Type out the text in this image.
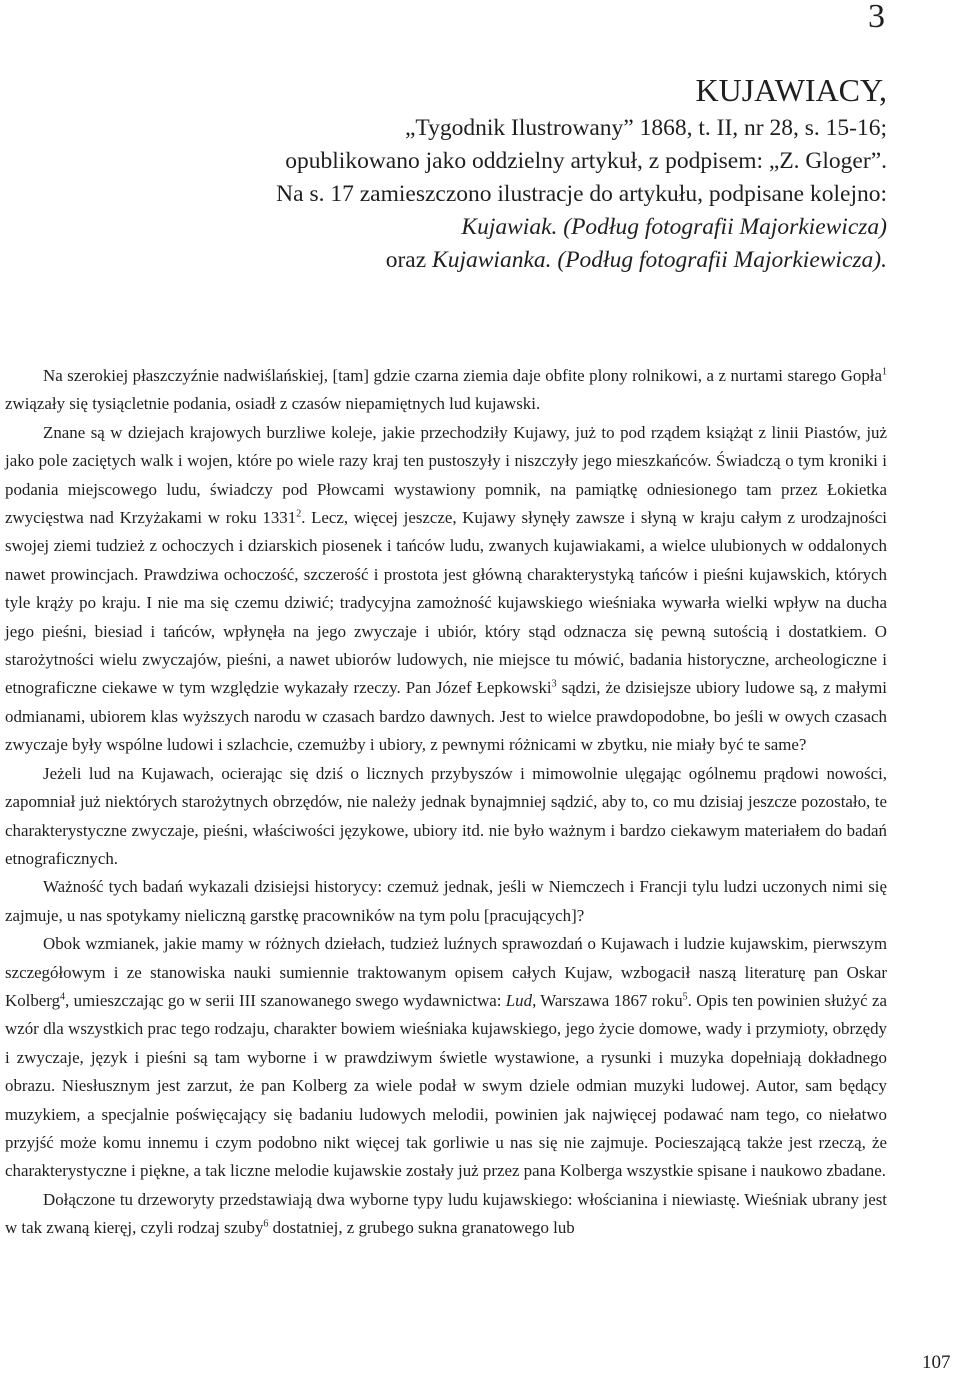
3
KUJAWIACY,

„Tygodnik Ilustrowany” 1868, t. II, nr 28, s. 15-16;

opublikowano jako oddzielny artykuł, z podpisem: „Z. Gloger”.

Na s. 17 zamieszczono ilustracje do artykułu, podpisane kolejno:

Kujawiak. (Podług fotografii Majorkiewicza)

oraz Kujawianka. (Podług fotografii Majorkiewicza).

Na szerokiej płaszczyźnie nadwiślańskiej, [tam] gdzie czarna ziemia daje obfite plony rolnikowi, a z nurtami starego Gopła$^1$ związały się tysiącletnie podania, osiadł z czasów niepamiętnych lud kujawski.

Znane są w dziejach krajowych burzliwe koleje, jakie przechodziły Kujawy, już to pod rządem książąt z linii Piastów, już jako pole zaciętych walk i wojen, które po wiele razy kraj ten pustoszyły i niszczyły jego mieszkańców. Świadczą o tym kroniki i podania miejscowego ludu, świadczy pod Płowcami wystawiony pomnik, na pamiątkę odniesionego tam przez Łokietka zwycięstwa nad Krzyżakami w roku 1331$^2$. Lecz, więcej jeszcze, Kujawy słynęły zawsze i słyną w kraju całym z urodzajności swojej ziemi tudzież z ochoczych i dziarskich piosenek i tańców ludu, zwanych kujawiakami, a wielce ulubionych w oddalonych nawet prowincjach. Prawdziwa ochoczość, szczerość i prostota jest główną charakterystyką tańców i pieśni kujawskich, których tyle krąży po kraju. I nie ma się czemu dziwić; tradycyjna zamożność kujawskiego wieśniaka wywarła wielki wpływ na ducha jego pieśni, biesiad i tańców, wpłynęła na jego zwyczaje i ubiór, który stąd odznacza się pewną sutością i dostatkiem. O starożytności wielu zwyczajów, pieśni, a nawet ubiorów ludowych, nie miejsce tu mówić, badania historyczne, archeologiczne i etnograficzne ciekawe w tym względzie wykazały rzeczy. Pan Józef Łepkowski$^3$ sądzi, że dzisiejsze ubiory ludowe są, z małymi odmianami, ubiorem klas wyższych narodu w czasach bardzo dawnych. Jest to wielce prawdopodobne, bo jeśli w owych czasach zwyczaje były wspólne ludowi i szlachcie, czemużby i ubiory, z pewnymi różnicami w zbytku, nie miały być te same?

Jeżeli lud na Kujawach, ocierając się dziś o licznych przybyszów i mimowolnie ulęgając ogólnemu prądowi nowości, zapomniał już niektórych starożytnych obrzędów, nie należy jednak bynajmniej sądzić, aby to, co mu dzisiaj jeszcze pozostało, te charakterystyczne zwyczaje, pieśni, właściwości językowe, ubiory itd. nie było ważnym i bardzo ciekawym materiałem do badań etnograficznych.

Ważność tych badań wykazali dzisiejsi historycy: czemuż jednak, jeśli w Niemczech i Francji tylu ludzi uczonych nimi się zajmuje, u nas spotykamy nieliczną garstkę pracowników na tym polu [pracujących]?

Obok wzmianek, jakie mamy w różnych dziełach, tudzież luźnych sprawozdań o Kujawach i ludzie kujawskim, pierwszym szczegółowym i ze stanowiska nauki sumiennie traktowanym opisem całych Kujaw, wzbogacił naszą literaturę pan Oskar Kolberg$^4$, umieszczając go w serii III szanowanego swego wydawnictwa: Lud, Warszawa 1867 roku$^5$. Opis ten powinien służyć za wzór dla wszystkich prac tego rodzaju, charakter bowiem wieśniaka kujawskiego, jego życie domowe, wady i przymioty, obrzędy i zwyczaje, język i pieśni są tam wyborne i w prawdziwym świetle wystawione, a rysunki i muzyka dopełniają dokładnego obrazu. Niesłusznym jest zarzut, że pan Kolberg za wiele podał w swym dziele odmian muzyki ludowej. Autor, sam będący muzykiem, a specjalnie poświęcający się badaniu ludowych melodii, powinien jak najwięcej podawać nam tego, co niełatwo przyjść może komu innemu i czym podobno nikt więcej tak gorliwie u nas się nie zajmuje. Pocieszającą także jest rzeczą, że charakterystyczne i piękne, a tak liczne melodie kujawskie zostały już przez pana Kolberga wszystkie spisane i naukowo zbadane.

Dołączone tu drzeworyty przedstawiają dwa wyborne typy ludu kujawskiego: włościanina i niewiastę. Wieśniak ubrany jest w tak zwaną kieręj, czyli rodzaj szuby$^6$ dostatniej, z grubego sukna granatowego lub

107
